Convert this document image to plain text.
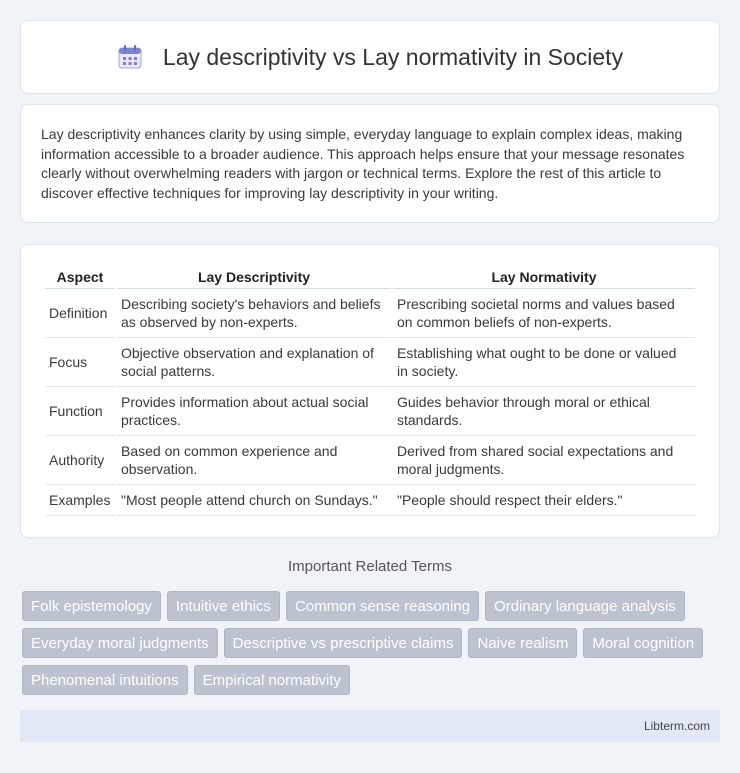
Lay descriptivity vs Lay normativity in Society

Lay descriptivity enhances clarity by using simple, everyday language to explain complex ideas, making information accessible to a broader audience. This approach helps ensure that your message resonates clearly without overwhelming readers with jargon or technical terms. Explore the rest of this article to discover effective techniques for improving lay descriptivity in your writing.

Aspect	Lay Descriptivity	Lay Normativity
Definition	Describing society's behaviors and beliefs as observed by non-experts.	Prescribing societal norms and values based on common beliefs of non-experts.
Focus	Objective observation and explanation of social patterns.	Establishing what ought to be done or valued in society.
Function	Provides information about actual social practices.	Guides behavior through moral or ethical standards.
Authority	Based on common experience and observation.	Derived from shared social expectations and moral judgments.
Examples	"Most people attend church on Sundays."	"People should respect their elders."
Important Related Terms
Folk epistemology	Intuitive ethics	Common sense reasoning	Ordinary language analysis
Everyday moral judgments	Descriptive vs prescriptive claims	Naive realism	Moral cognition
Phenomenal intuitions	Empirical normativity
Libterm.com
